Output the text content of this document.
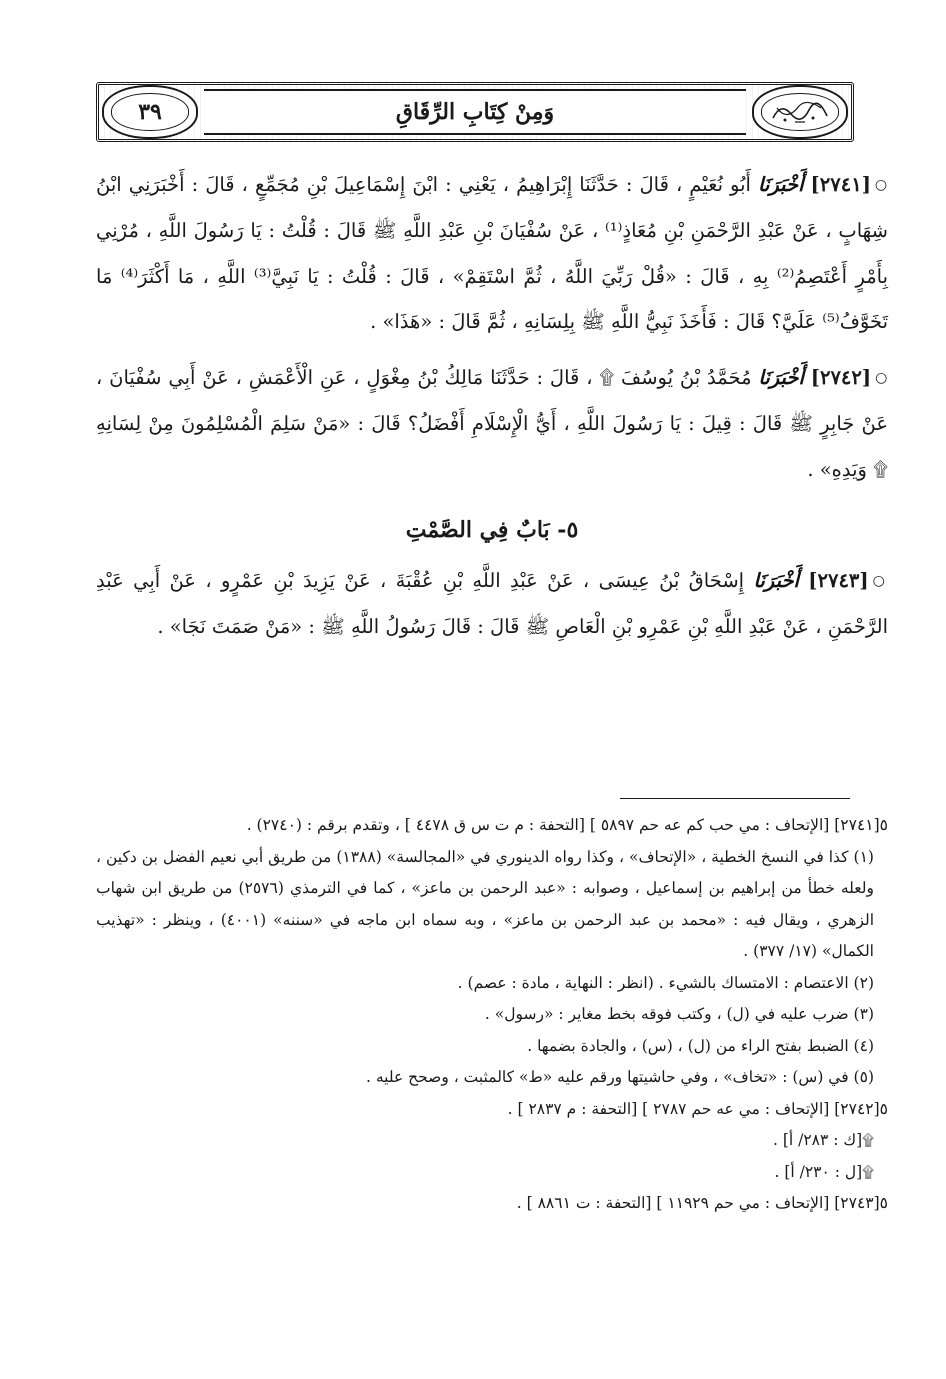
وَمِنْ كِتَابِ الرِّقَاقِ
٣٩

○[٢٧٤١] أَخْبَرَنَا أَبُو نُعَيْمٍ ، قَالَ : حَدَّثَنَا إِبْرَاهِيمُ ، يَعْنِي : ابْنَ إِسْمَاعِيلَ بْنِ مُجَمِّعٍ ، قَالَ : أَخْبَرَنِي ابْنُ شِهَابٍ ، عَنْ عَبْدِ الرَّحْمَنِ بْنِ مُعَاذٍ⁽¹⁾ ، عَنْ سُفْيَانَ بْنِ عَبْدِ اللَّهِ ﷺ قَالَ : قُلْتُ : يَا رَسُولَ اللَّهِ ، مُرْنِي بِأَمْرٍ أَعْتَصِمُ⁽²⁾ بِهِ ، قَالَ : «قُلْ رَبِّيَ اللَّهُ ، ثُمَّ اسْتَقِمْ» ، قَالَ : قُلْتُ : يَا نَبِيَّ⁽³⁾ اللَّهِ ، مَا أَكْثَرَ⁽⁴⁾ مَا تَخَوَّفُ⁽⁵⁾ عَلَيَّ؟ قَالَ : فَأَخَذَ نَبِيُّ اللَّهِ ﷺ بِلِسَانِهِ ، ثُمَّ قَالَ : «هَذَا» .

○[٢٧٤٢] أَخْبَرَنَا مُحَمَّدُ بْنُ يُوسُفَ ۩ ، قَالَ : حَدَّثَنَا مَالِكُ بْنُ مِغْوَلٍ ، عَنِ الْأَعْمَشِ ، عَنْ أَبِي سُفْيَانَ ، عَنْ جَابِرٍ ﷺ قَالَ : قِيلَ : يَا رَسُولَ اللَّهِ ، أَيُّ الْإِسْلَامِ أَفْضَلُ؟ قَالَ : «مَنْ سَلِمَ الْمُسْلِمُونَ مِنْ لِسَانِهِ ۩ وَيَدِهِ» .

٥- بَابٌ فِي الصَّمْتِ

○[٢٧٤٣] أَخْبَرَنَا إِسْحَاقُ بْنُ عِيسَى ، عَنْ عَبْدِ اللَّهِ بْنِ عُقْبَةَ ، عَنْ يَزِيدَ بْنِ عَمْرٍو ، عَنْ أَبِي عَبْدِ الرَّحْمَنِ ، عَنْ عَبْدِ اللَّهِ بْنِ عَمْرِو بْنِ الْعَاصِ ﷺ قَالَ : قَالَ رَسُولُ اللَّهِ ﷺ : «مَنْ صَمَتَ نَجَا» .

٥[٢٧٤١] [الإتحاف : مي حب كم عه حم ٥٨٩٧ ] [التحفة : م ت س ق ٤٤٧٨ ] ، وتقدم برقم : (٢٧٤٠) .

(١) كذا في النسخ الخطية ، «الإتحاف» ، وكذا رواه الدينوري في «المجالسة» (١٣٨٨) من طريق أبي نعيم الفضل بن دكين ، ولعله خطأ من إبراهيم بن إسماعيل ، وصوابه : «عبد الرحمن بن ماعز» ، كما في الترمذي (٢٥٧٦) من طريق ابن شهاب الزهري ، ويقال فيه : «محمد بن عبد الرحمن بن ماعز» ، وبه سماه ابن ماجه في «سننه» (٤٠٠١) ، وينظر : «تهذيب الكمال» (١٧/ ٣٧٧) .

(٢) الاعتصام : الامتساك بالشيء . (انظر : النهاية ، مادة : عصم) .

(٣) ضرب عليه في (ل) ، وكتب فوقه بخط مغاير : «رسول» .

(٤) الضبط بفتح الراء من (ل) ، (س) ، والجادة بضمها .

(٥) في (س) : «تخاف» ، وفي حاشيتها ورقم عليه «ط» كالمثبت ، وصحح عليه .

٥[٢٧٤٢] [الإتحاف : مي عه حم ٢٧٨٧ ] [التحفة : م ٢٨٣٧ ] .

۩[ك : ٢٨٣/ أ] .

۩[ل : ٢٣٠/ أ] .

٥[٢٧٤٣] [الإتحاف : مي حم ١١٩٢٩ ] [التحفة : ت ٨٨٦١ ] .
